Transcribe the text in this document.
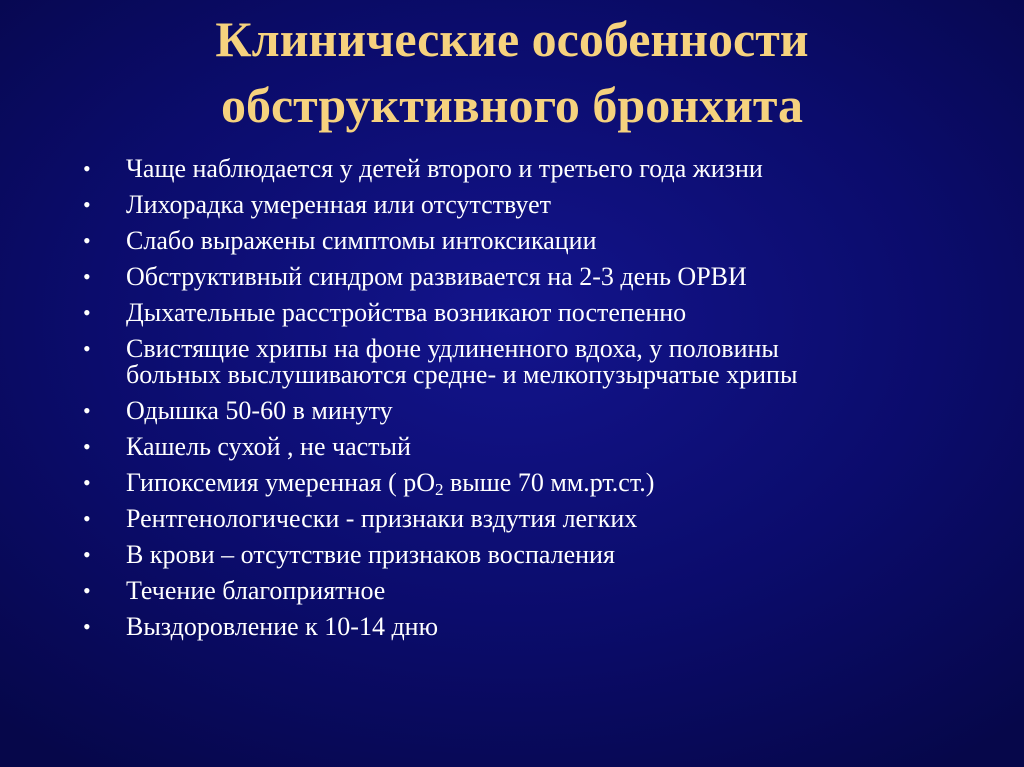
Клинические особенности
обструктивного бронхита
• Чаще наблюдается у детей второго и третьего года жизни
• Лихорадка умеренная или отсутствует
• Слабо выражены симптомы интоксикации
• Обструктивный синдром развивается на 2-3 день ОРВИ
• Дыхательные расстройства возникают постепенно
• Свистящие хрипы на фоне удлиненного вдоха, у половины
больных выслушиваются средне- и мелкопузырчатые хрипы
• Одышка 50-60 в минуту
• Кашель сухой , не частый
• Гипоксемия умеренная ( $pO_2$ выше 70 мм.рт.ст.)
• Рентгенологически - признаки вздутия легких
• В крови – отсутствие признаков воспаления
• Течение благоприятное
• Выздоровление к 10-14 дню
